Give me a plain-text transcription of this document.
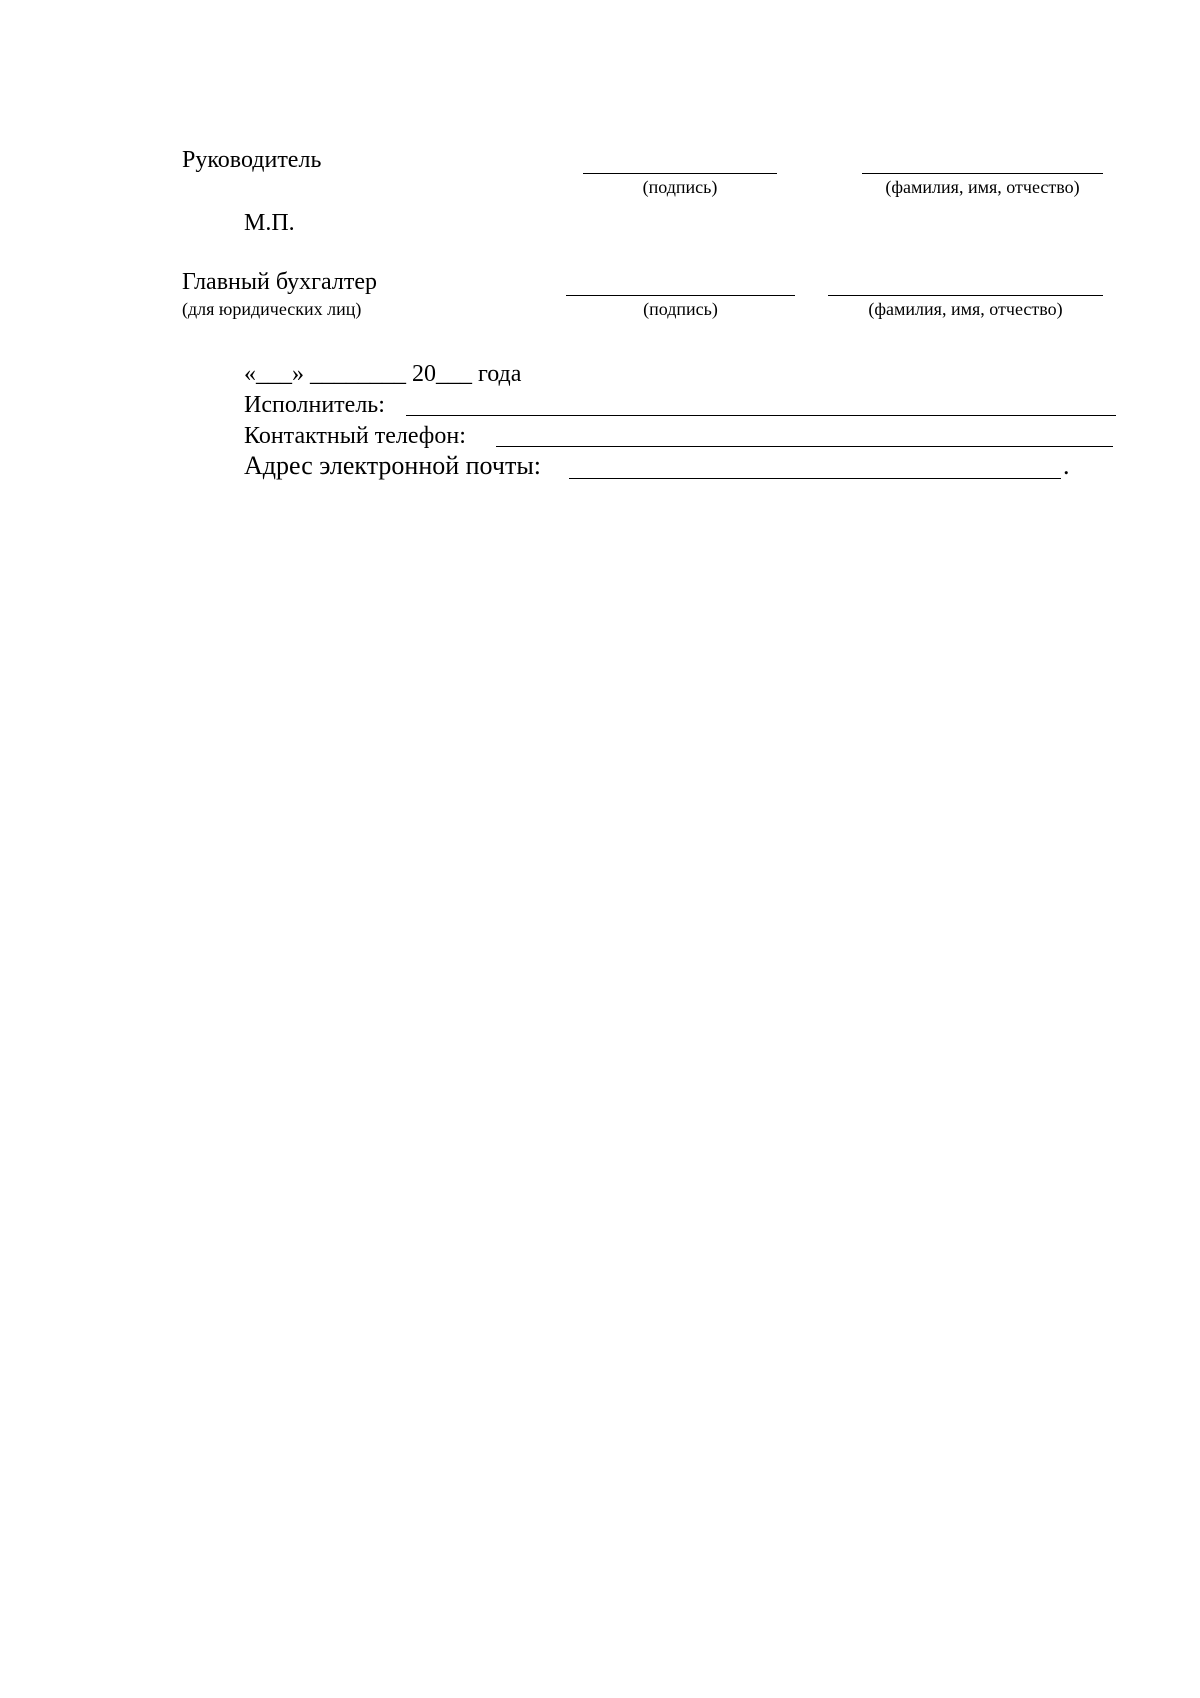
Руководитель
(подпись)	(фамилия, имя, отчество)
М.П.
Главный бухгалтер
(для юридических лиц)	(подпись)	(фамилия, имя, отчество)
«___» ________ 20___ года
Исполнитель:
Контактный телефон:
Адрес электронной почты:	.
